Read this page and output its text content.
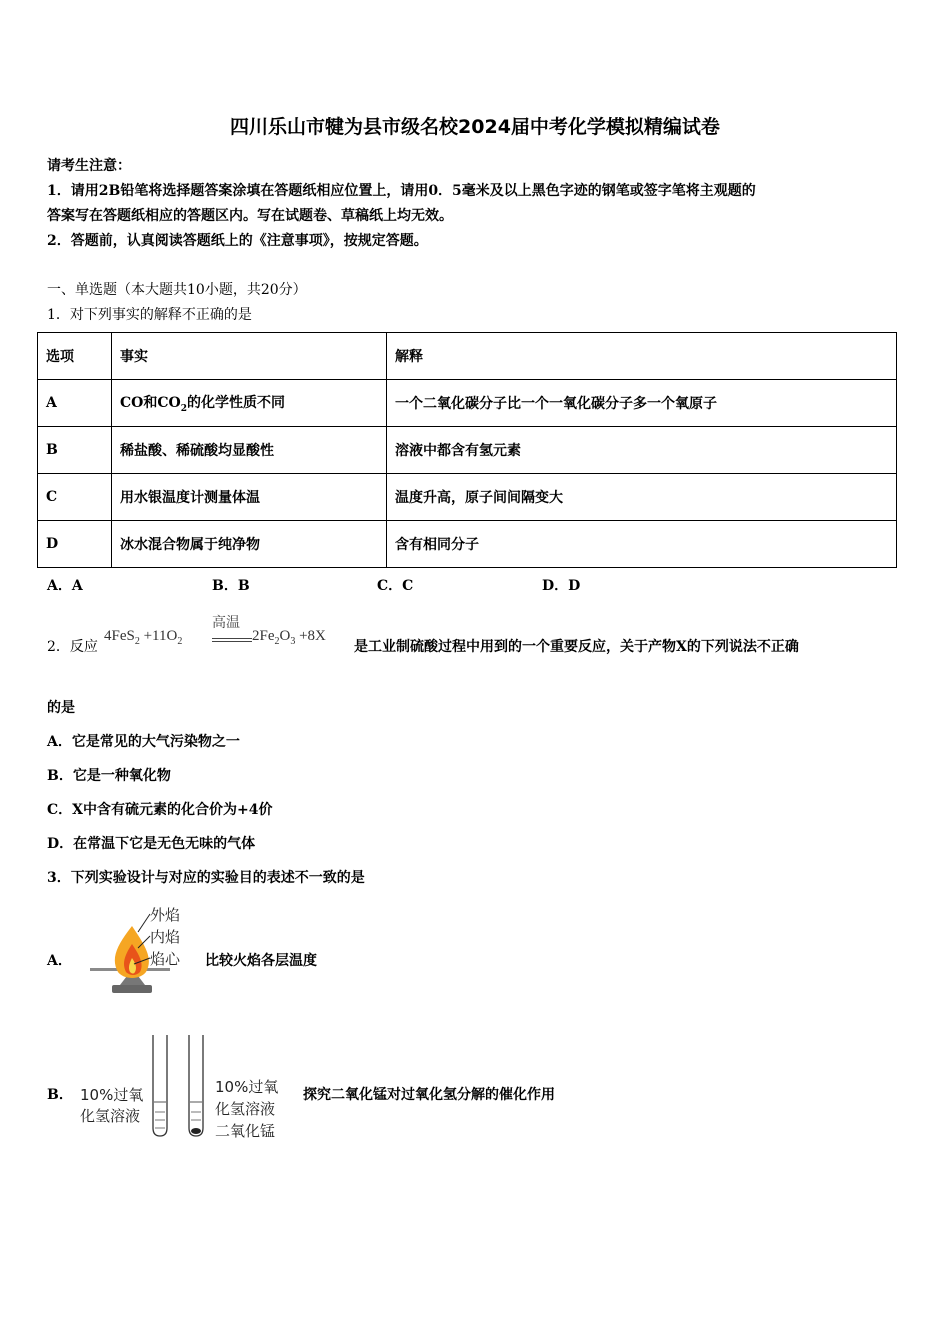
四川乐山市犍为县市级名校2024届中考化学模拟精编试卷
请考生注意：
1．请用2B铅笔将选择题答案涂填在答题纸相应位置上，请用0．5毫米及以上黑色字迹的钢笔或签字笔将主观题的
答案写在答题纸相应的答题区内。写在试题卷、草稿纸上均无效。
2．答题前，认真阅读答题纸上的《注意事项》，按规定答题。
一、单选题（本大题共10小题，共20分）
1．对下列事实的解释不正确的是
选项	事实	解释
A	CO和$CO_2$的化学性质不同	一个二氧化碳分子比一个一氧化碳分子多一个氧原子
B	稀盐酸、稀硫酸均显酸性	溶液中都含有氢元素
C	用水银温度计测量体温	温度升高，原子间间隔变大
D	冰水混合物属于纯净物	含有相同分子
A．A	B．B	C．C	D．D
2．反应
$4FeS_2 +11O_2$
高温
$2Fe_2O_3 +8X$
是工业制硫酸过程中用到的一个重要反应，关于产物X的下列说法不正确
的是
A．它是常见的大气污染物之一
B．它是一种氧化物
C．X中含有硫元素的化合价为+4价
D．在常温下它是无色无味的气体
3．下列实验设计与对应的实验目的表述不一致的是
A．
外焰
内焰
焰心 比较火焰各层温度
B． 10%过氧
化氢溶液
10%过氧
化氢溶液
二氧化锰
探究二氧化锰对过氧化氢分解的催化作用
